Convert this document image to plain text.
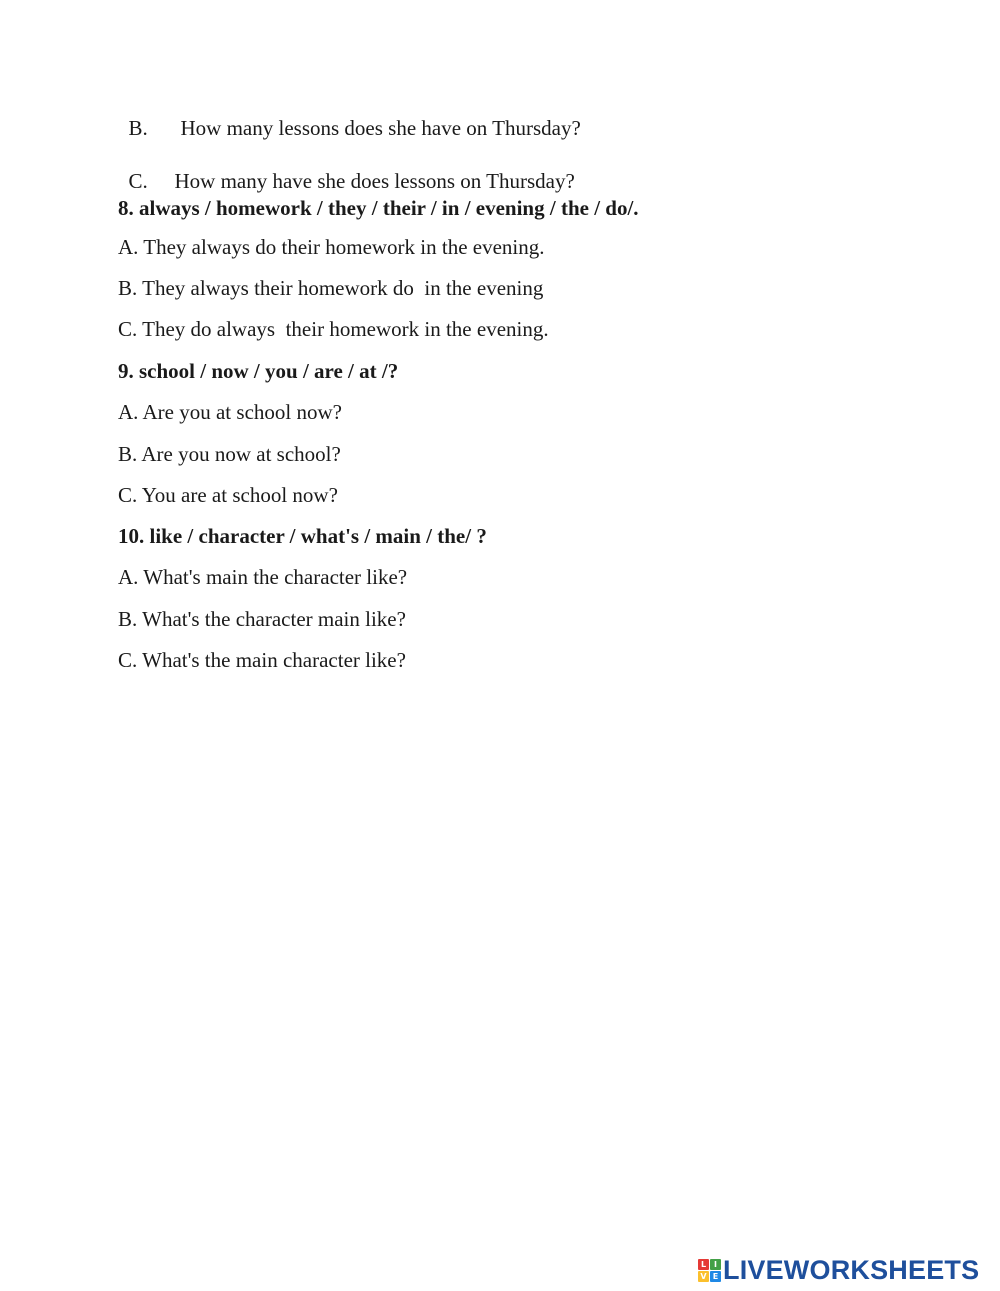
B. How many lessons does she have on Thursday?

C. How many have she does lessons on Thursday?

8. always / homework / they / their / in / evening / the / do/.
A. They always do their homework in the evening.
B. They always their homework do  in the evening
C. They do always  their homework in the evening.
9. school / now / you / are / at /?
A. Are you at school now?
B. Are you now at school?
C. You are at school now?
10. like / character / what's / main / the/ ?
A. What's main the character like?
B. What's the character main like?
C. What's the main character like?
L I
V E LIVEWORKSHEETS
